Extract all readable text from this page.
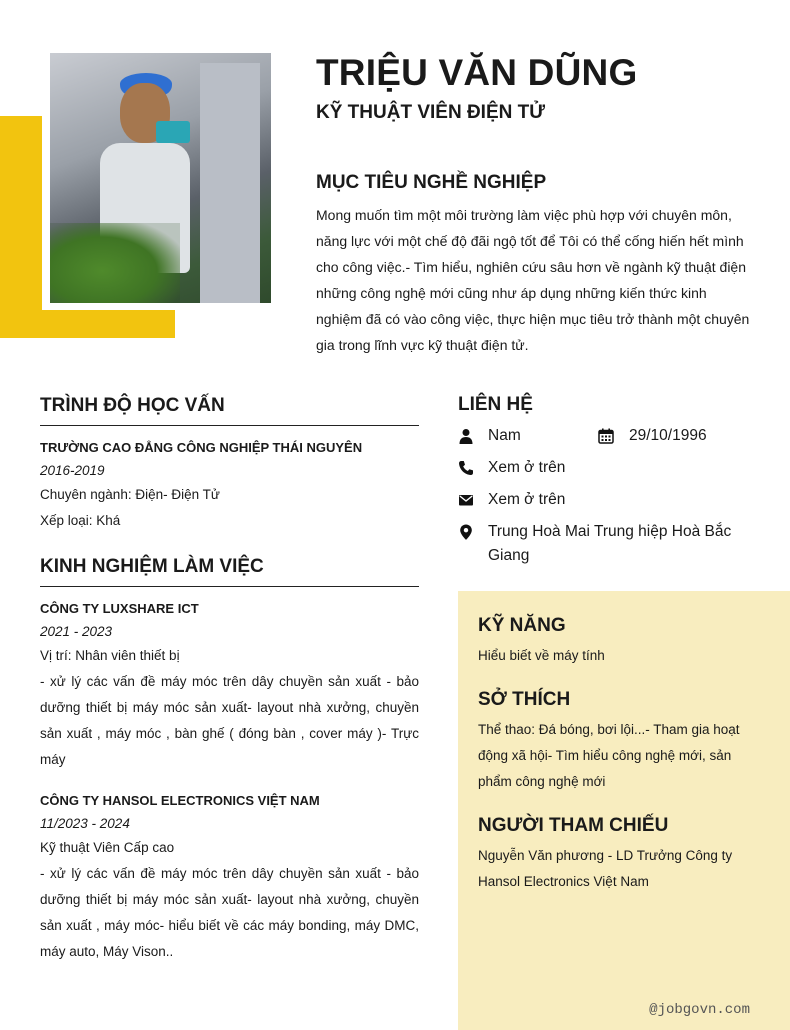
TRIỆU VĂN DŨNG
KỸ THUẬT VIÊN ĐIỆN TỬ
MỤC TIÊU NGHỀ NGHIỆP

Mong muốn tìm một môi trường làm việc phù hợp với chuyên môn, năng lực với một chế độ đãi ngộ tốt để Tôi có thể cống hiến hết mình cho công việc.- Tìm hiểu, nghiên cứu sâu hơn về ngành kỹ thuật điện những công nghệ mới cũng như áp dụng những kiến thức kinh nghiệm đã có vào công việc, thực hiện mục tiêu trở thành một chuyên gia trong lĩnh vực kỹ thuật điện tử.

TRÌNH ĐỘ HỌC VẤN

TRƯỜNG CAO ĐẲNG CÔNG NGHIỆP THÁI NGUYÊN

2016-2019

Chuyên ngành: Điện- Điện Tử

Xếp loại: Khá

KINH NGHIỆM LÀM VIỆC

CÔNG TY LUXSHARE ICT

2021 - 2023

Vị trí: Nhân viên thiết bị

- xử lý các vấn đề máy móc trên dây chuyền sản xuất - bảo dưỡng thiết bị máy móc sản xuất- layout nhà xưởng, chuyền sản xuất , máy móc , bàn ghế ( đóng bàn , cover máy )- Trực máy

CÔNG TY HANSOL ELECTRONICS VIỆT NAM

11/2023 - 2024

Kỹ thuật Viên Cấp cao

- xử lý các vấn đề máy móc trên dây chuyền sản xuất - bảo dưỡng thiết bị máy móc sản xuất- layout nhà xưởng, chuyền sản xuất , máy móc- hiểu biết về các máy bonding, máy DMC, máy auto, Máy Vison..

LIÊN HỆ
Nam	29/10/1996
Xem ở trên
Xem ở trên
Trung Hoà Mai Trung hiệp Hoà Bắc Giang
KỸ NĂNG

Hiểu biết về máy tính

SỞ THÍCH

Thể thao: Đá bóng, bơi lội...- Tham gia hoạt động xã hội- Tìm hiểu công nghệ mới, sản phẩm công nghệ mới

NGƯỜI THAM CHIẾU

Nguyễn Văn phương - LD Trưởng Công ty Hansol Electronics Việt Nam

@jobgovn.com
